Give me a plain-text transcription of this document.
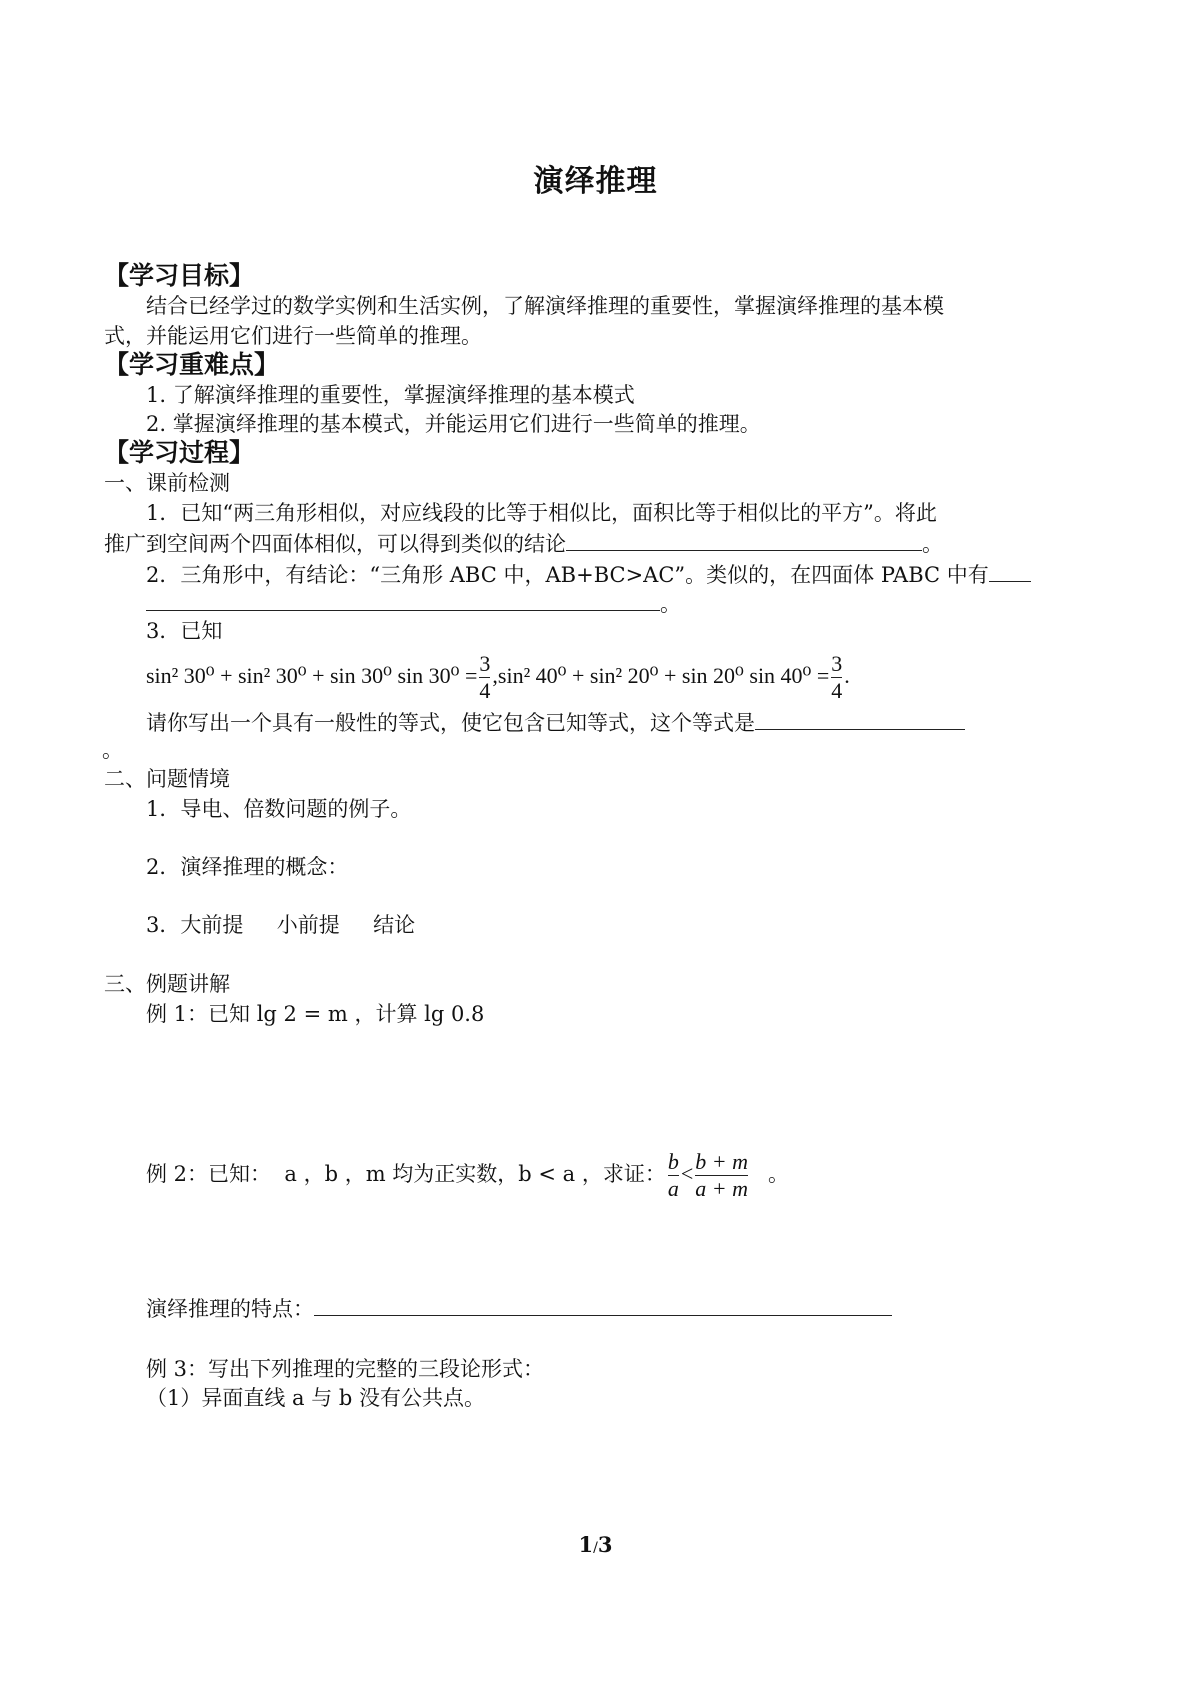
演绎推理
【学习目标】
结合已经学过的数学实例和生活实例，了解演绎推理的重要性，掌握演绎推理的基本模
式，并能运用它们进行一些简单的推理。
【学习重难点】
1. 了解演绎推理的重要性，掌握演绎推理的基本模式
2. 掌握演绎推理的基本模式，并能运用它们进行一些简单的推理。
【学习过程】
一、课前检测
1．已知“两三角形相似，对应线段的比等于相似比，面积比等于相似比的平方”。将此
推广到空间两个四面体相似，可以得到类似的结论	。
2．三角形中，有结论：“三角形 ABC 中，AB+BC>AC”。类似的，在四面体 PABC 中有
。
3．已知
sin² 30⁰ + sin² 30⁰ + sin 30⁰ $\sin 30^0 = \frac{3}{4} ,\sin^2$ 40⁰ + sin² 20⁰ + sin 20⁰ $\sin 40^0 = \frac{3}{4}$ .
请你写出一个具有一般性的等式，使它包含已知等式，这个等式是
。
二、问题情境
1．导电、倍数问题的例子。
2．演绎推理的概念：
3．大前提     小前提     结论
三、例题讲解
例 1：已知 lg 2 = m ，计算 lg 0.8
例 2：已知：  a ，b ，m 均为正实数，b < a ，求证： $\frac{b}{a} < \frac{b + m}{a + m}$ 。
演绎推理的特点：
例 3：写出下列推理的完整的三段论形式：
（1）异面直线 a 与 b 没有公共点。
1/3
